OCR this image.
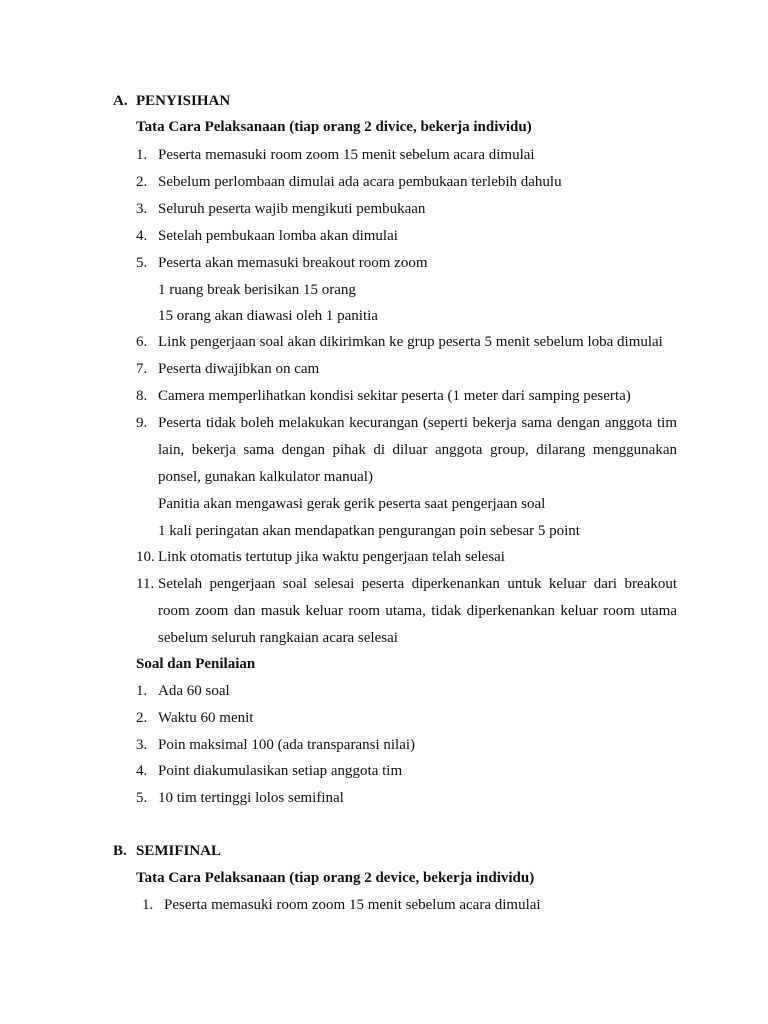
A. PENYISIHAN
Tata Cara Pelaksanaan (tiap orang 2 divice, bekerja individu)
1. Peserta memasuki room zoom 15 menit sebelum acara dimulai
2. Sebelum perlombaan dimulai ada acara pembukaan terlebih dahulu
3. Seluruh peserta wajib mengikuti pembukaan
4. Setelah pembukaan lomba akan dimulai
5. Peserta akan memasuki breakout room zoom
1 ruang break berisikan 15 orang
15 orang akan diawasi oleh 1 panitia
6. Link pengerjaan soal akan dikirimkan ke grup peserta 5 menit sebelum loba dimulai
7. Peserta diwajibkan on cam
8. Camera memperlihatkan kondisi sekitar peserta (1 meter dari samping peserta)
9. Peserta tidak boleh melakukan kecurangan (seperti bekerja sama dengan anggota tim lain, bekerja sama dengan pihak di diluar anggota group, dilarang menggunakan ponsel, gunakan kalkulator manual)
Panitia akan mengawasi gerak gerik peserta saat pengerjaan soal
1 kali peringatan akan mendapatkan pengurangan poin sebesar 5 point
10. Link otomatis tertutup jika waktu pengerjaan telah selesai
11. Setelah pengerjaan soal selesai peserta diperkenankan untuk keluar dari breakout room zoom dan masuk keluar room utama, tidak diperkenankan keluar room utama sebelum seluruh rangkaian acara selesai
Soal dan Penilaian
1. Ada 60 soal
2. Waktu 60 menit
3. Poin maksimal 100 (ada transparansi nilai)
4. Point diakumulasikan setiap anggota tim
5. 10 tim tertinggi lolos semifinal
B. SEMIFINAL
Tata Cara Pelaksanaan (tiap orang 2 device, bekerja individu)
1. Peserta memasuki room zoom 15 menit sebelum acara dimulai
